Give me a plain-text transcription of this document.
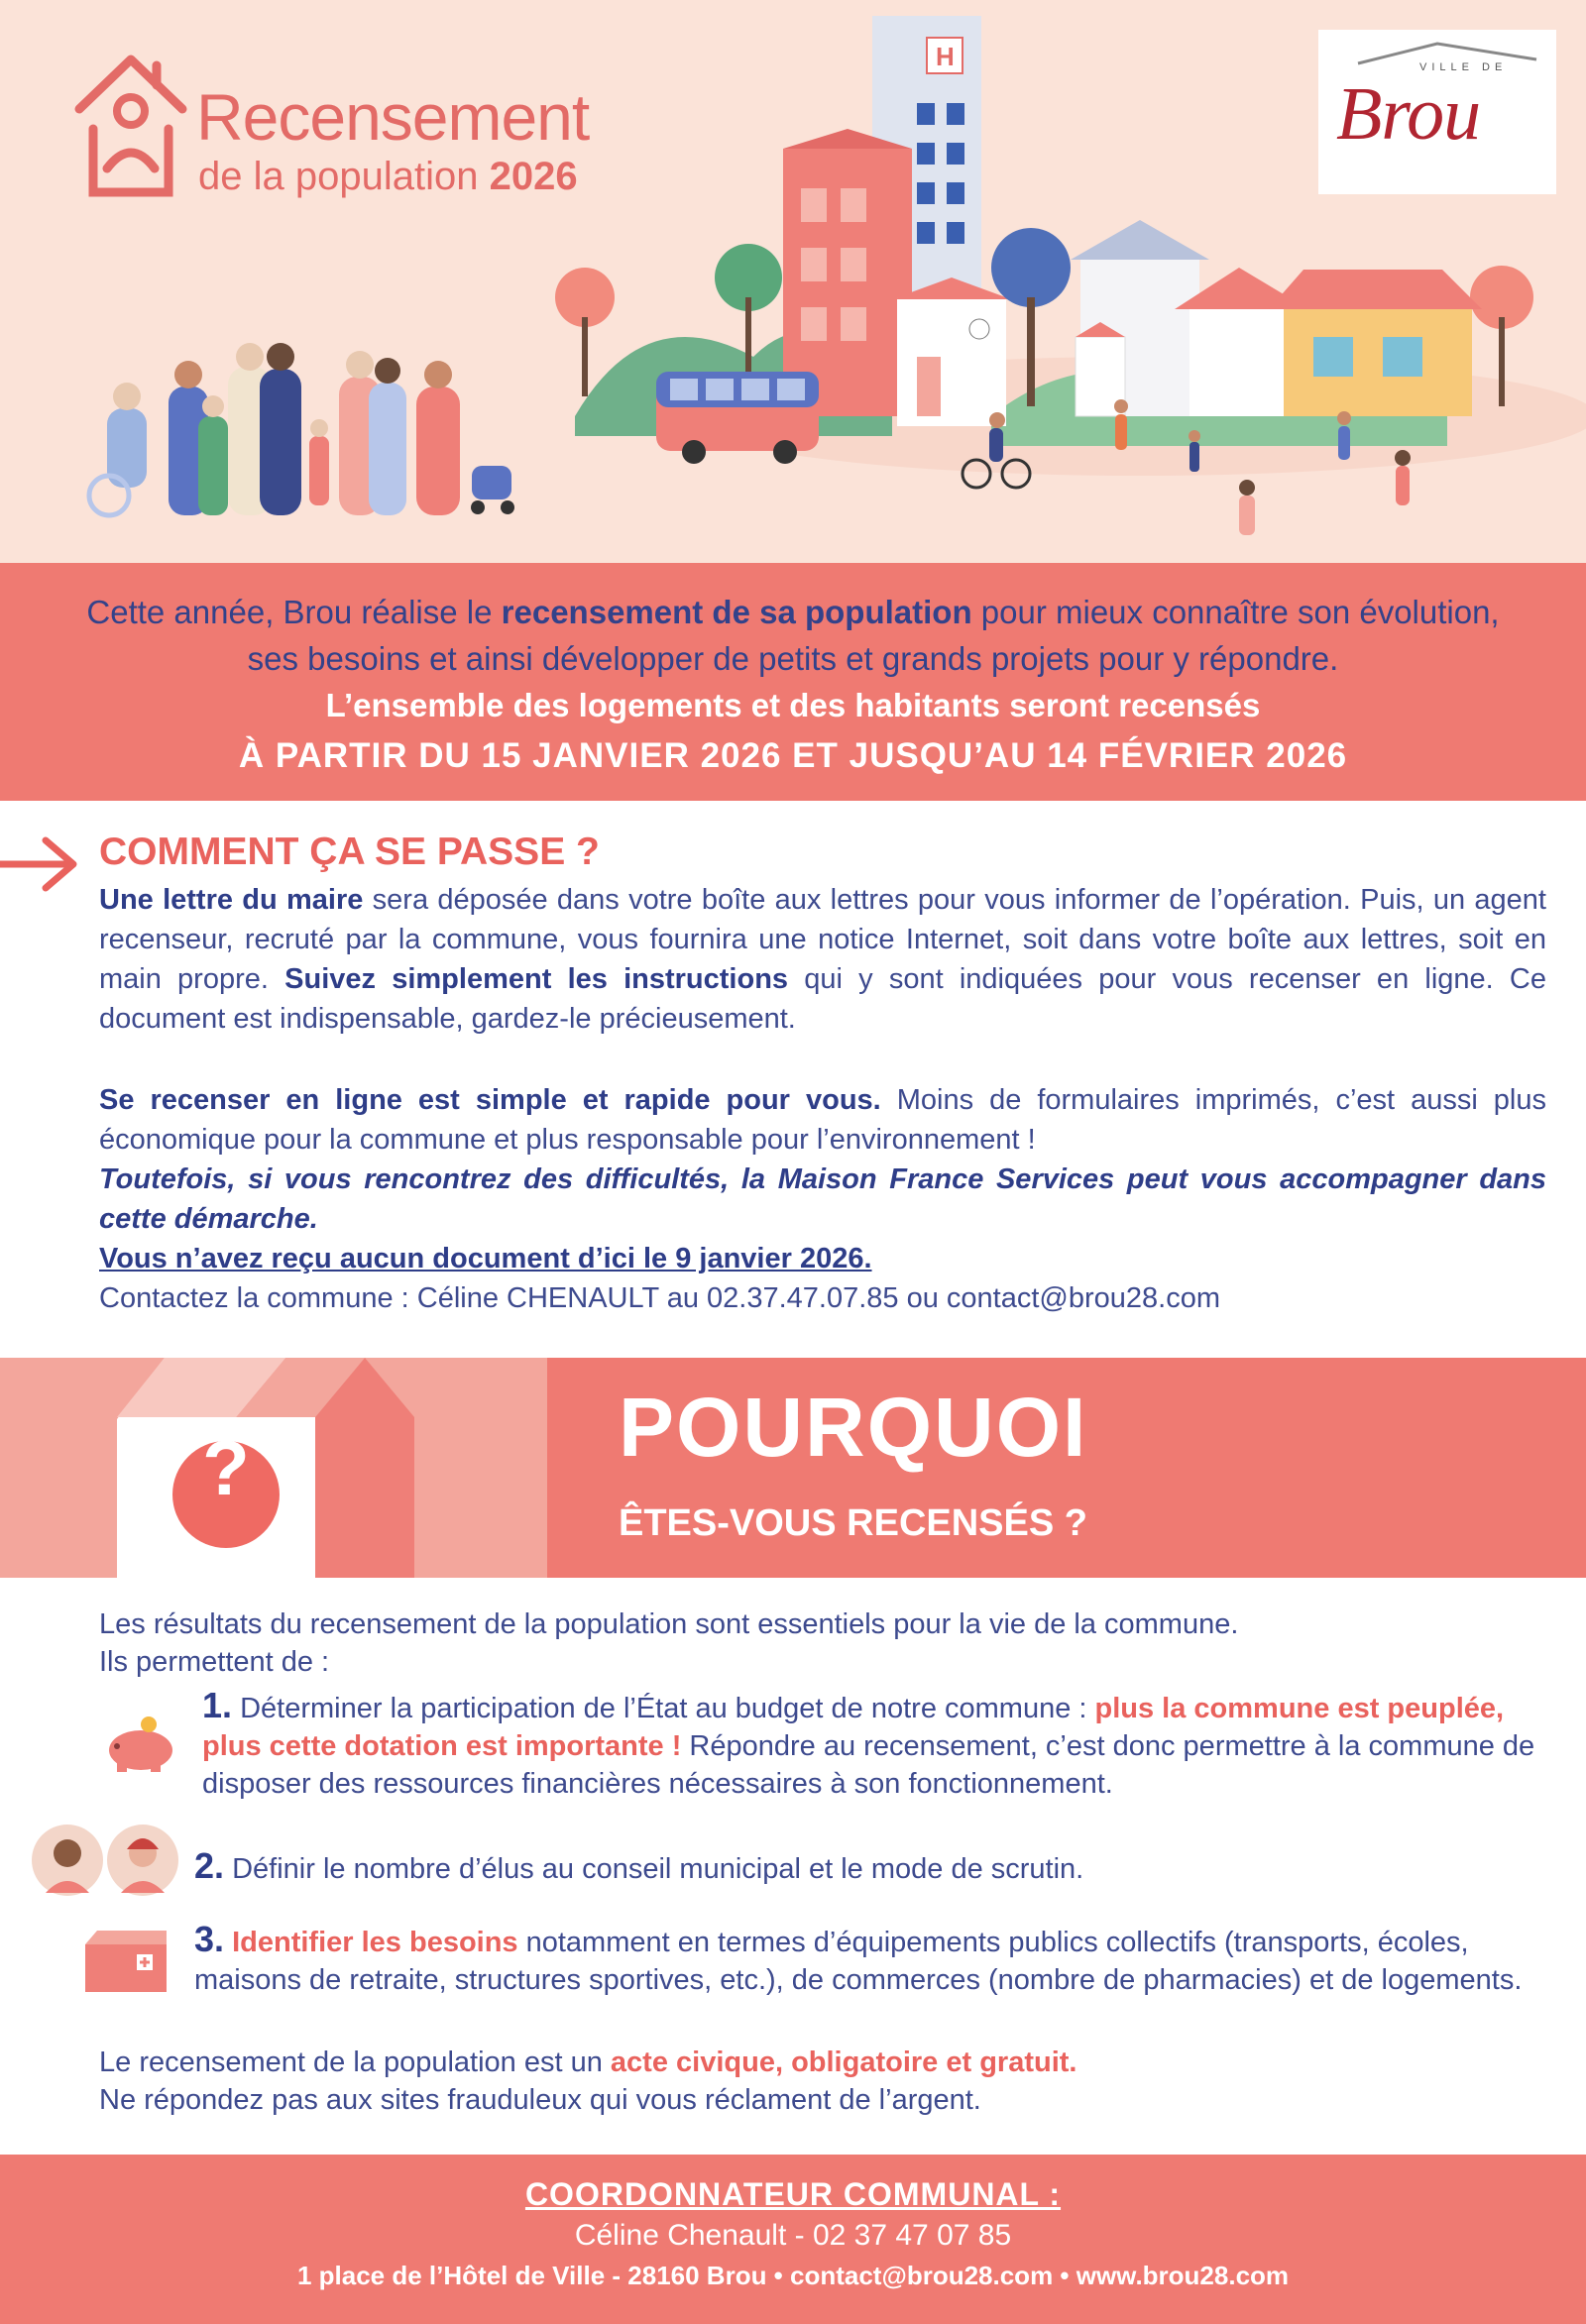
Recensement
de la population 2026
VILLE DE
Brou
H

Cette année, Brou réalise le recensement de sa population pour mieux connaître son évolution,

ses besoins et ainsi développer de petits et grands projets pour y répondre.

L’ensemble des logements et des habitants seront recensés

À PARTIR DU 15 JANVIER 2026 ET JUSQU’AU 14 FÉVRIER 2026

COMMENT ÇA SE PASSE ?
Une lettre du maire sera déposée dans votre boîte aux lettres pour vous informer de l’opération. Puis, un agent recenseur, recruté par la commune, vous fournira une notice Internet, soit dans votre boîte aux lettres, soit en main propre. Suivez simplement les instructions qui y sont indiquées pour vous recenser en ligne. Ce document est indispensable, gardez-le précieusement.
Se recenser en ligne est simple et rapide pour vous. Moins de formulaires imprimés, c’est aussi plus économique pour la commune et plus responsable pour l’environnement !
Toutefois, si vous rencontrez des difficultés, la Maison France Services peut vous accompagner dans cette démarche.
Vous n’avez reçu aucun document d’ici le 9 janvier 2026.
Contactez la commune : Céline CHENAULT au 02.37.47.07.85 ou contact@brou28.com
?	POURQUOI
ÊTES-VOUS RECENSÉS ?
Les résultats du recensement de la population sont essentiels pour la vie de la commune.
Ils permettent de :
1. Déterminer la participation de l’État au budget de notre commune : plus la commune est peuplée, plus cette dotation est importante ! Répondre au recensement, c’est donc permettre à la commune de disposer des ressources financières nécessaires à son fonctionnement.
2. Définir le nombre d’élus au conseil municipal et le mode de scrutin.
3. Identifier les besoins notamment en termes d’équipements publics collectifs (transports, écoles, maisons de retraite, structures sportives, etc.), de commerces (nombre de pharmacies) et de logements.
Le recensement de la population est un acte civique, obligatoire et gratuit.
Ne répondez pas aux sites frauduleux qui vous réclament de l’argent.
COORDONNATEUR COMMUNAL :
Céline Chenault - 02 37 47 07 85
1 place de l’Hôtel de Ville - 28160 Brou • contact@brou28.com • www.brou28.com
